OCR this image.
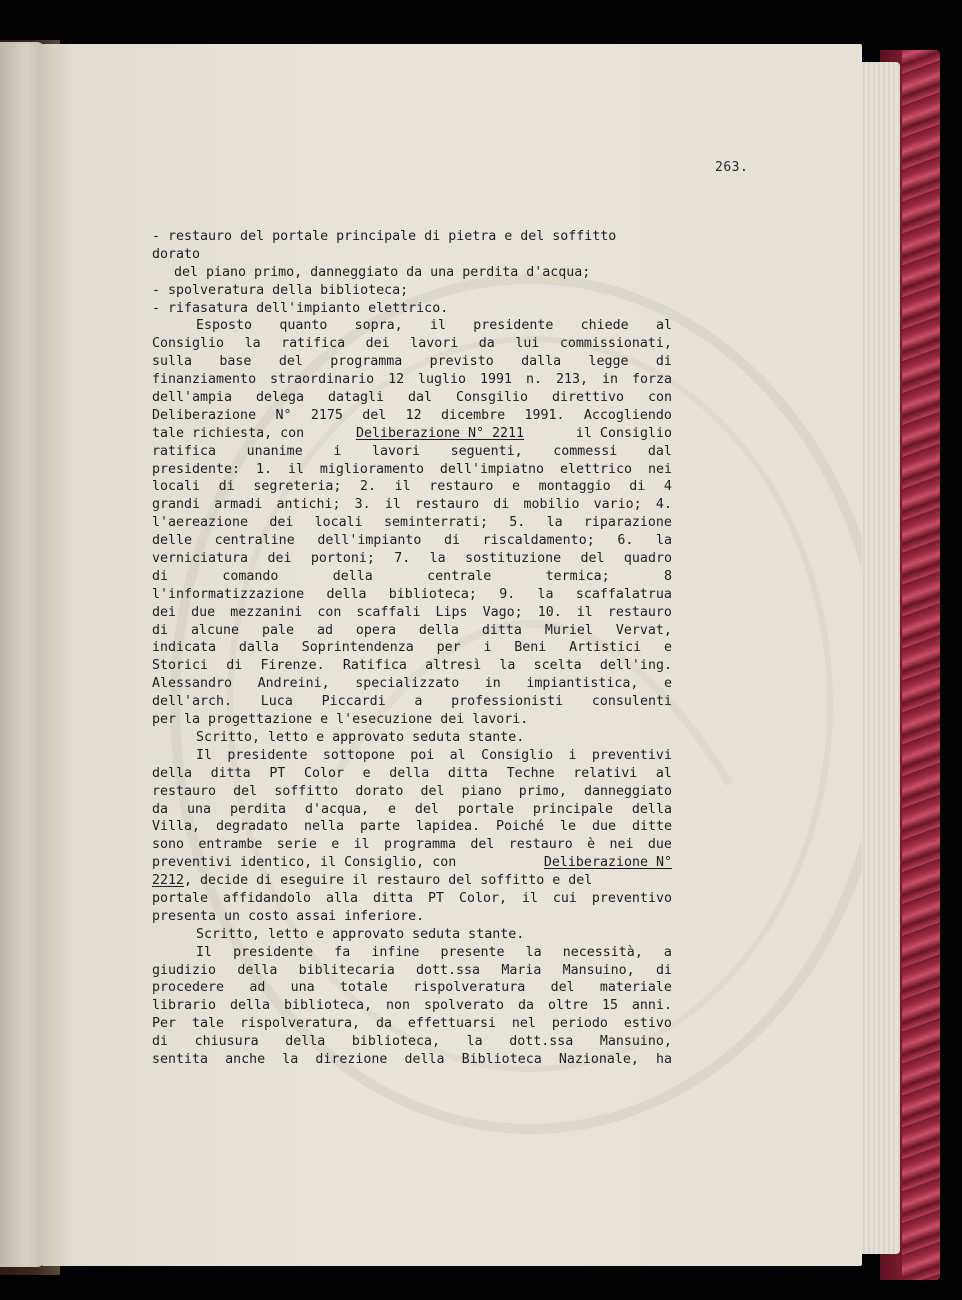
263.
- restauro del portale principale di pietra e del soffitto
dorato
del piano primo, danneggiato da una perdita d'acqua;
- spolveratura della biblioteca;
- rifasatura dell'impianto elettrico.
Esposto quanto sopra, il presidente chiede al
Consiglio la ratifica dei lavori da lui commissionati,
sulla base del programma previsto dalla legge di
finanziamento straordinario 12 luglio 1991 n. 213, in forza
dell'ampia delega datagli dal Consgilio direttivo con
Deliberazione N° 2175 del 12 dicembre 1991. Accogliendo
tale richiesta, con	Deliberazione N° 2211	il Consiglio
ratifica unanime i lavori seguenti, commessi dal
presidente: 1. il miglioramento dell'impiatno elettrico nei
locali di segreteria; 2. il restauro e montaggio di 4
grandi armadi antichi; 3. il restauro di mobilio vario; 4.
l'aereazione dei locali seminterrati; 5. la riparazione
delle centraline dell'impianto di riscaldamento; 6. la
verniciatura dei portoni; 7. la sostituzione del quadro
di	comando	della	centrale	termica;	8
l'informatizzazione della biblioteca; 9. la scaffalatrua
dei due mezzanini con scaffali Lips Vago; 10. il restauro
di alcune pale ad opera della ditta Muriel Vervat,
indicata dalla Soprintendenza per i Beni Artistici e
Storici di Firenze. Ratifica altresì la scelta dell'ing.
Alessandro Andreini, specializzato in impiantistica, e
dell'arch. Luca Piccardi a professionisti consulenti
per la progettazione e l'esecuzione dei lavori.
Scritto, letto e approvato seduta stante.
Il presidente sottopone poi al Consiglio i preventivi
della ditta PT Color e della ditta Techne relativi al
restauro del soffitto dorato del piano primo, danneggiato
da una perdita d'acqua, e del portale principale della
Villa, degradato nella parte lapidea. Poiché le due ditte
sono entrambe serie e il programma del restauro è nei due
preventivi identico, il Consiglio, con	Deliberazione N°
2212, decide di eseguire il restauro del soffitto e del
portale affidandolo alla ditta PT Color, il cui preventivo
presenta un costo assai inferiore.
Scritto, letto e approvato seduta stante.
Il presidente fa infine presente la necessità, a
giudizio della biblitecaria dott.ssa Maria Mansuino, di
procedere ad una totale rispolveratura del materiale
librario della biblioteca, non spolverato da oltre 15 anni.
Per tale rispolveratura, da effettuarsi nel periodo estivo
di chiusura della biblioteca, la dott.ssa Mansuino,
sentita anche la direzione della Biblioteca Nazionale, ha
